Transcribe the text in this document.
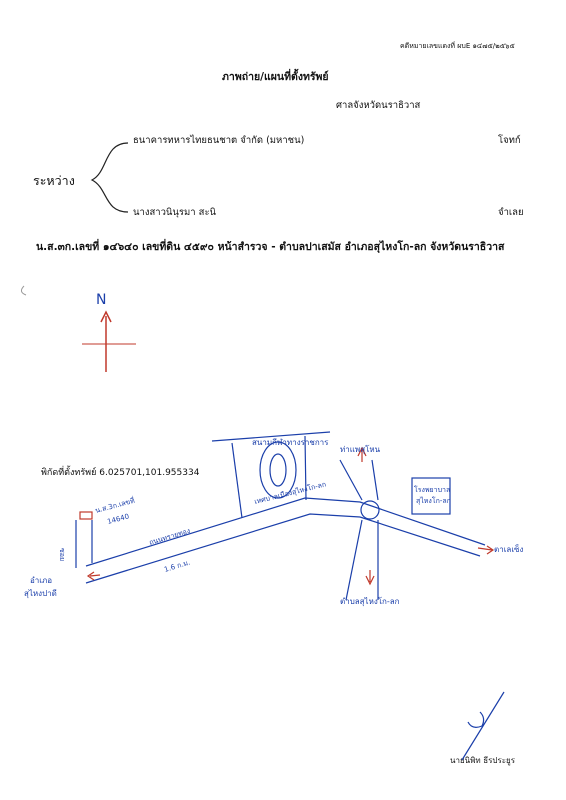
คดีหมายเลขแดงที่ ผบE ๑๔๗๕/๒๕๖๕
ภาพถ่าย/แผนที่ตั้งทรัพย์
ศาลจังหวัดนราธิวาส
ระหว่าง
ธนาคารทหารไทยธนชาต จำกัด (มหาชน)	โจทก์
นางสาวนินุรมา สะนิ	จำเลย
น.ส.๓ก.เลขที่ ๑๔๖๔๐ เลขที่ดิน ๔๕๙๐ หน้าสำรวจ - ตำบลปาเสมัส อำเภอสุไหงโก-ลก จังหวัดนราธิวาส
พิกัดที่ตั้งทรัพย์ 6.025701,101.955334
นายนิพิท ธีรประยูร
N
สนามกีฬาทางราชการ
เทศบาลเมืองสุไหงโก-ลก
ท่าแพสุโหน
โรงพยาบาล
สุไหงโก-ลก
น.ส.3ก.เลขที่
14640
ถนนทรายทอง
1.6 ก.ม.
ตาเลเซ็ง
ตำบลสุไหงโก-ลก
อำเภอ
สุไหงปาดี
ซอย
